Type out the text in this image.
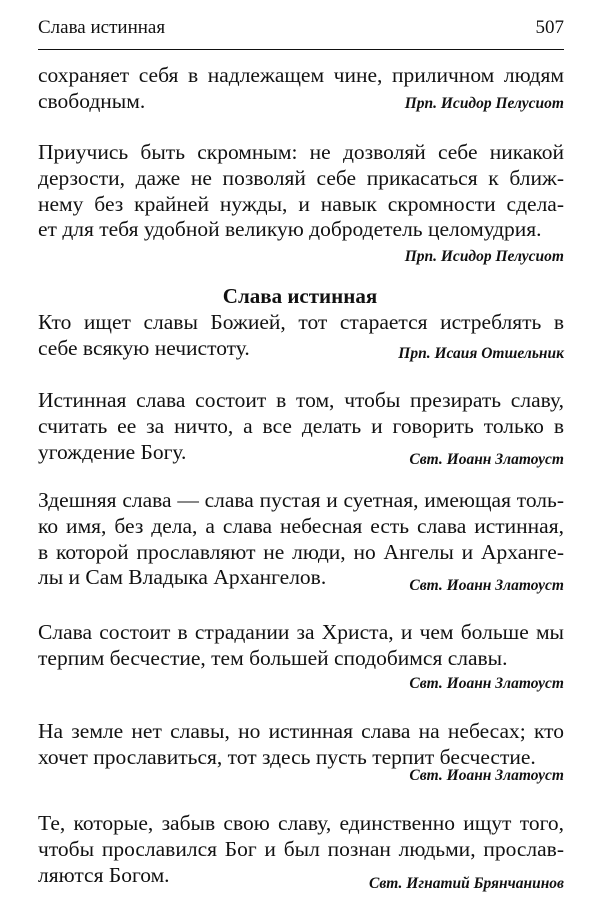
Слава истинная	507
Слава истинная
сохраняет себя в надлежащем чине, приличном людям
свободным.	Прп. Исидор Пелусиот
Приучись быть скромным: не дозволяй себе никакой
дерзости, даже не позволяй себе прикасаться к ближ-
нему без крайней нужды, и навык скромности сдела-
ет для тебя удобной великую добродетель целомудрия.
Прп. Исидор Пелусиот
Кто ищет славы Божией, тот старается истреблять в
себе всякую нечистоту.	Прп. Исаия Отшельник
Истинная слава состоит в том, чтобы презирать славу,
считать ее за ничто, а все делать и говорить только в
угождение Богу.	Свт. Иоанн Златоуст
Здешняя слава — слава пустая и суетная, имеющая толь-
ко имя, без дела, а слава небесная есть слава истинная,
в которой прославляют не люди, но Ангелы и Арханге-
лы и Сам Владыка Архангелов.	Свт. Иоанн Златоуст
Слава состоит в страдании за Христа, и чем больше мы
терпим бесчестие, тем большей сподобимся славы.
Свт. Иоанн Златоуст
На земле нет славы, но истинная слава на небесах; кто
хочет прославиться, тот здесь пусть терпит бесчестие.
Свт. Иоанн Златоуст
Те, которые, забыв свою славу, единственно ищут того,
чтобы прославился Бог и был познан людьми, прослав-
ляются Богом.	Свт. Игнатий Брянчанинов
